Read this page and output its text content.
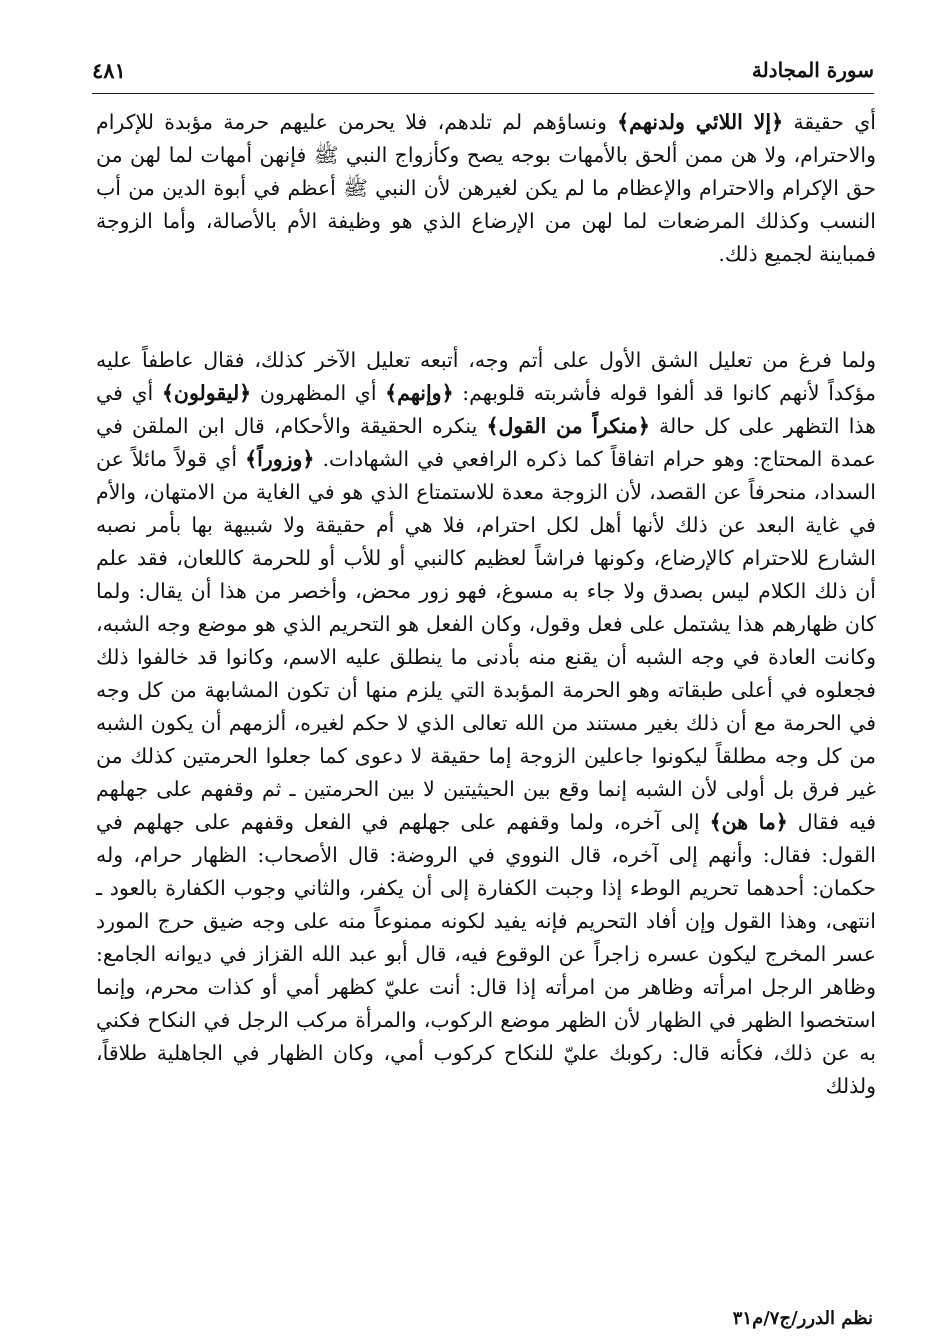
سورة المجادلة
٤٨١

أي حقيقة ﴿إلا اللائي ولدنهم﴾ ونساؤهم لم تلدهم، فلا يحرمن عليهم حرمة مؤبدة للإكرام والاحترام، ولا هن ممن ألحق بالأمهات بوجه يصح وكأزواج النبي ﷺ فإنهن أمهات لما لهن من حق الإكرام والاحترام والإعظام ما لم يكن لغيرهن لأن النبي ﷺ أعظم في أبوة الدين من أب النسب وكذلك المرضعات لما لهن من الإرضاع الذي هو وظيفة الأم بالأصالة، وأما الزوجة فمباينة لجميع ذلك.

ولما فرغ من تعليل الشق الأول على أتم وجه، أتبعه تعليل الآخر كذلك، فقال عاطفاً عليه مؤكداً لأنهم كانوا قد ألفوا قوله فأشربته قلوبهم: ﴿وإنهم﴾ أي المظهرون ﴿ليقولون﴾ أي في هذا التظهر على كل حالة ﴿منكراً من القول﴾ ينكره الحقيقة والأحكام، قال ابن الملقن في عمدة المحتاج: وهو حرام اتفاقاً كما ذكره الرافعي في الشهادات. ﴿وزوراً﴾ أي قولاً مائلاً عن السداد، منحرفاً عن القصد، لأن الزوجة معدة للاستمتاع الذي هو في الغاية من الامتهان، والأم في غاية البعد عن ذلك لأنها أهل لكل احترام، فلا هي أم حقيقة ولا شبيهة بها بأمر نصبه الشارع للاحترام كالإرضاع، وكونها فراشاً لعظيم كالنبي أو للأب أو للحرمة كاللعان، فقد علم أن ذلك الكلام ليس بصدق ولا جاء به مسوغ، فهو زور محض، وأخصر من هذا أن يقال: ولما كان ظهارهم هذا يشتمل على فعل وقول، وكان الفعل هو التحريم الذي هو موضع وجه الشبه، وكانت العادة في وجه الشبه أن يقنع منه بأدنى ما ينطلق عليه الاسم، وكانوا قد خالفوا ذلك فجعلوه في أعلى طبقاته وهو الحرمة المؤبدة التي يلزم منها أن تكون المشابهة من كل وجه في الحرمة مع أن ذلك بغير مستند من الله تعالى الذي لا حكم لغيره، ألزمهم أن يكون الشبه من كل وجه مطلقاً ليكونوا جاعلين الزوجة إما حقيقة لا دعوى كما جعلوا الحرمتين كذلك من غير فرق بل أولى لأن الشبه إنما وقع بين الحيثيتين لا بين الحرمتين ـ ثم وقفهم على جهلهم فيه فقال ﴿ما هن﴾ إلى آخره، ولما وقفهم على جهلهم في الفعل وقفهم على جهلهم في القول: فقال: وأنهم إلى آخره، قال النووي في الروضة: قال الأصحاب: الظهار حرام، وله حكمان: أحدهما تحريم الوطء إذا وجبت الكفارة إلى أن يكفر، والثاني وجوب الكفارة بالعود ـ انتهى، وهذا القول وإن أفاد التحريم فإنه يفيد لكونه ممنوعاً منه على وجه ضيق حرج المورد عسر المخرج ليكون عسره زاجراً عن الوقوع فيه، قال أبو عبد الله القزاز في ديوانه الجامع: وظاهر الرجل امرأته وظاهر من امرأته إذا قال: أنت عليّ كظهر أمي أو كذات محرم، وإنما استخصوا الظهر في الظهار لأن الظهر موضع الركوب، والمرأة مركب الرجل في النكاح فكني به عن ذلك، فكأنه قال: ركوبك عليّ للنكاح كركوب أمي، وكان الظهار في الجاهلية طلاقاً، ولذلك

نظم الدرر/ج٧/م٣١
